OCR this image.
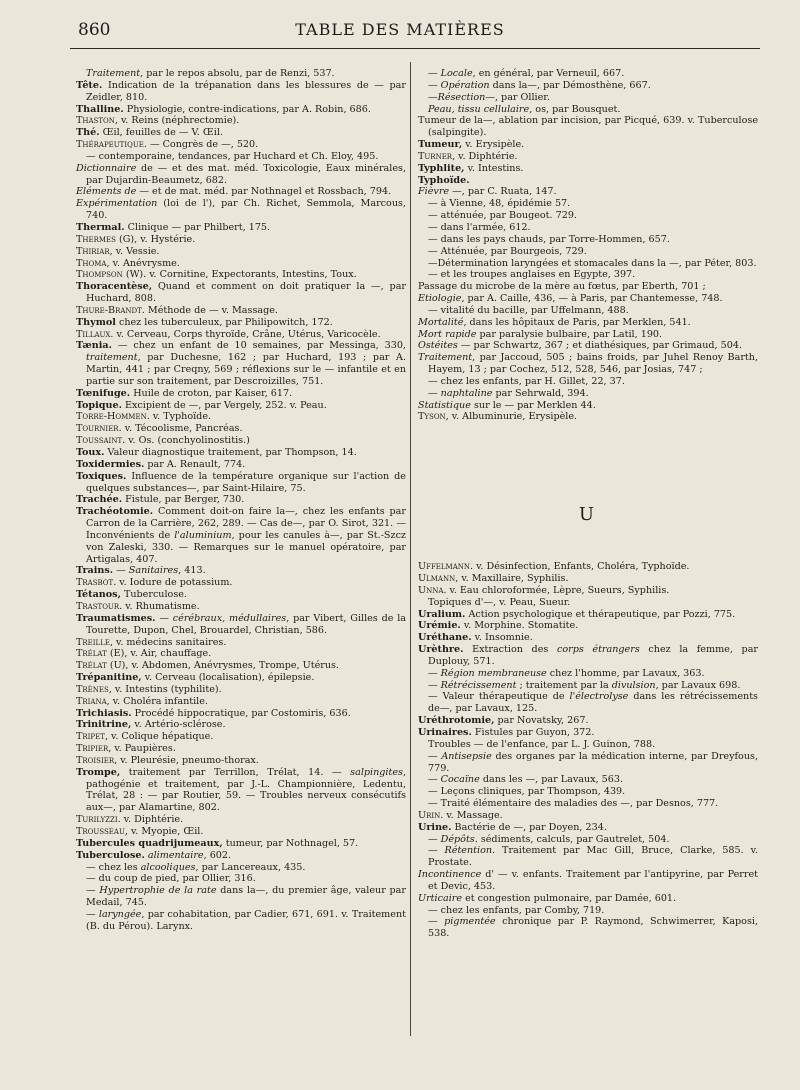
860	TABLE DES MATIÈRES

Traitement, par le repos absolu, par de Renzi, 537.

Tête. Indication de la trépanation dans les blessures de — par Zeidler, 810.

Thalline. Physiologie, contre-indications, par A. Robin, 686.

Thaston, v. Reins (néphrectomie).

Thé. Œil, feuilles de — V. Œil.

Thérapeutique. — Congrès de —, 520.

— contemporaine, tendances, par Huchard et Ch. Eloy, 495.

Dictionnaire de — et des mat. méd. Toxicologie, Eaux minérales, par Dujardin-Beaumetz, 682.

Eléments de — et de mat. méd. par Nothnagel et Rossbach, 794.

Expérimentation (loi de l'), par Ch. Richet, Semmola, Marcous, 740.

Thermal. Clinique — par Philbert, 175.

Thermes (G), v. Hystérie.

Thiriar, v. Vessie.

Thoma, v. Anévrysme.

Thompson (W). v. Cornitine, Expectorants, Intestins, Toux.

Thoracentèse, Quand et comment on doit pratiquer la —, par Huchard, 808.

Thure-Brandt. Méthode de — v. Massage.

Thymol chez les tuberculeux, par Philipowitch, 172.

Tillaux. v. Cerveau, Corps thyroïde, Crâne, Utérus, Varicocèle.

Tænia. — chez un enfant de 10 semaines, par Messinga, 330, traitement, par Duchesne, 162 ; par Huchard, 193 ; par A. Martin, 441 ; par Creqny, 569 ; réflexions sur le — infantile et en partie sur son traitement, par Descroizilles, 751.

Tœnifuge. Huile de croton, par Kaiser, 617.

Topique. Excipient de —, par Vergely, 252. v. Peau.

Torre-Hommen. v. Typhoïde.

Tournier. v. Técoolisme, Pancréas.

Toussaint. v. Os. (conchyolinostitis.)

Toux. Valeur diagnostique traitement, par Thompson, 14.

Toxidermies. par A. Renault, 774.

Toxiques. Influence de la température organique sur l'action de quelques substances—, par Saint-Hilaire, 75.

Trachée. Fistule, par Berger, 730.

Trachéotomie. Comment doit-on faire la—, chez les enfants par Carron de la Carrière, 262, 289. — Cas de—, par O. Sirot, 321. — Inconvénients de l'aluminium, pour les canules à—, par St.-Szcz von Zaleski, 330. — Remarques sur le manuel opératoire, par Artigalas, 407.

Trains. — Sanitaires, 413.

Trasbot. v. Iodure de potassium.

Tétanos, Tuberculose.

Trastour. v. Rhumatisme.

Traumatismes. — cérébraux, médullaires, par Vibert, Gilles de la Tourette, Dupon, Chel, Brouardel, Christian, 586.

Treille, v. médecins sanitaires.

Trélat (E), v. Air, chauffage.

Trélat (U), v. Abdomen, Anévrysmes, Trompe, Utérus.

Trépanitine, v. Cerveau (localisation), épilepsie.

Trènes, v. Intestins (typhilite).

Triana, v. Choléra infantile.

Trichiasis. Procédé hippocratique, par Costomiris, 636.

Trinitrine, v. Artério-sclérose.

Tripet, v. Colique hépatique.

Tripier, v. Paupières.

Troisier, v. Pleurésie, pneumo-thorax.

Trompe, traitement par Terrillon, Trélat, 14. — salpingites, pathogénie et traitement, par J.-L. Championnière, Ledentu, Trélat, 28 : — par Routier, 59. — Troubles nerveux consécutifs aux—, par Alamartine, 802.

Turilyzzi. v. Diphtérie.

Trousseau, v. Myopie, Œil.

Tubercules quadrijumeaux, tumeur, par Nothnagel, 57.

Tuberculose. alimentaire, 602.

— chez les alcooliques, par Lancereaux, 435.

— du coup de pied, par Ollier, 316.

— Hypertrophie de la rate dans la—, du premier âge, valeur par Medail, 745.

— laryngée, par cohabitation, par Cadier, 671, 691. v. Traitement (B. du Pérou). Larynx.

— Locale, en général, par Verneuil, 667.

— Opération dans la—, par Démosthène, 667.

—Résection—, par Ollier.

Peau, tissu cellulaire, os, par Bousquet.

Tumeur de la—, ablation par incision, par Picqué, 639. v. Tuberculose (salpingite).

Tumeur, v. Erysipèle.

Turner, v. Diphtérie.

Typhlite, v. Intestins.

Typhoïde.

Fièvre —, par C. Ruata, 147.

— à Vienne, 48, épidémie 57.

— atténuée, par Bougeot. 729.

— dans l'armée, 612.

— dans les pays chauds, par Torre-Hommen, 657.

— Atténuée, par Bourgeois, 729.

—Détermination laryngées et stomacales dans la —, par Péter, 803.

— et les troupes anglaises en Egypte, 397.

Passage du microbe de la mère au fœtus, par Eberth, 701 ;

Etiologie, par A. Caille, 436, — à Paris, par Chantemesse, 748.

— vitalité du bacille, par Uffelmann, 488.

Mortalité, dans les hôpitaux de Paris, par Merklen, 541.

Mort rapide par paralysie bulbaire, par Latil, 190.

Ostéites — par Schwartz, 367 ; et diathésiques, par Grimaud, 504.

Traitement, par Jaccoud, 505 ; bains froids, par Juhel Renoy Barth, Hayem, 13 ; par Cochez, 512, 528, 546, par Josias, 747 ;

— chez les enfants, par H. Gillet, 22, 37.

— naphtaline par Sehrwald, 394.

Statistique sur le — par Merklen 44.

Tyson, v. Albuminurie, Erysipèle.

U

Uffelmann. v. Désinfection, Enfants, Choléra, Typhoïde.

Ulmann, v. Maxillaire, Syphilis.

Unna. v. Eau chloroformée, Lèpre, Sueurs, Syphilis.

Topiques d'—, v. Peau, Sueur.

Uralium. Action psychologique et thérapeutique, par Pozzi, 775.

Urémie. v. Morphine. Stomatite.

Uréthane. v. Insomnie.

Urèthre. Extraction des corps étrangers chez la femme, par Duplouy, 571.

— Région membraneuse chez l'homme, par Lavaux, 363.

— Rétrécissement ; traitement par la divulsion, par Lavaux 698.

— Valeur thérapeutique de l'électrolyse dans les rétrécissements de—, par Lavaux, 125.

Uréthrotomie, par Novatsky, 267.

Urinaires. Fistules par Guyon, 372.

Troubles — de l'enfance, par L. J. Guinon, 788.

— Antisepsie des organes par la médication interne, par Dreyfous, 779.

— Cocaïne dans les —, par Lavaux, 563.

— Leçons cliniques, par Thompson, 439.

— Traité élémentaire des maladies des —, par Desnos, 777.

Urin. v. Massage.

Urine. Bactérie de —, par Doyen, 234.

— Dépôts. sédiments, calculs, par Gautrelet, 504.

— Rétention. Traitement par Mac Gill, Bruce, Clarke, 585. v. Prostate.

Incontinence d' — v. enfants. Traitement par l'antipyrine, par Perret et Devic, 453.

Urticaire et congestion pulmonaire, par Damée, 601.

— chez les enfants, par Comby, 719.

— pigmentée chronique par P. Raymond, Schwimerrer, Kaposi, 538.
